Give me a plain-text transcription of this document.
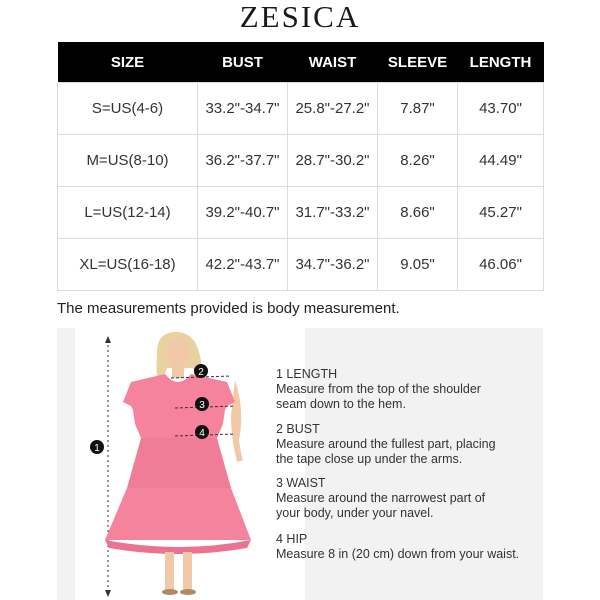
ZESICA
SIZE	BUST	WAIST	SLEEVE	LENGTH
S=US(4-6)	33.2"-34.7"	25.8"-27.2"	7.87"	43.70"
M=US(8-10)	36.2"-37.7"	28.7"-30.2"	8.26"	44.49"
L=US(12-14)	39.2"-40.7"	31.7"-33.2"	8.66"	45.27"
XL=US(16-18)	42.2"-43.7"	34.7"-36.2"	9.05"	46.06"
The measurements provided is body measurement.
1
2
3
4
1 LENGTH
Measure from the top of the shoulder
seam down to the hem.
2 BUST
Measure around the fullest part, placing
the tape close up under the arms.
3 WAIST
Measure around the narrowest part of
your body, under your navel.
4 HIP
Measure 8 in (20 cm) down from your waist.
